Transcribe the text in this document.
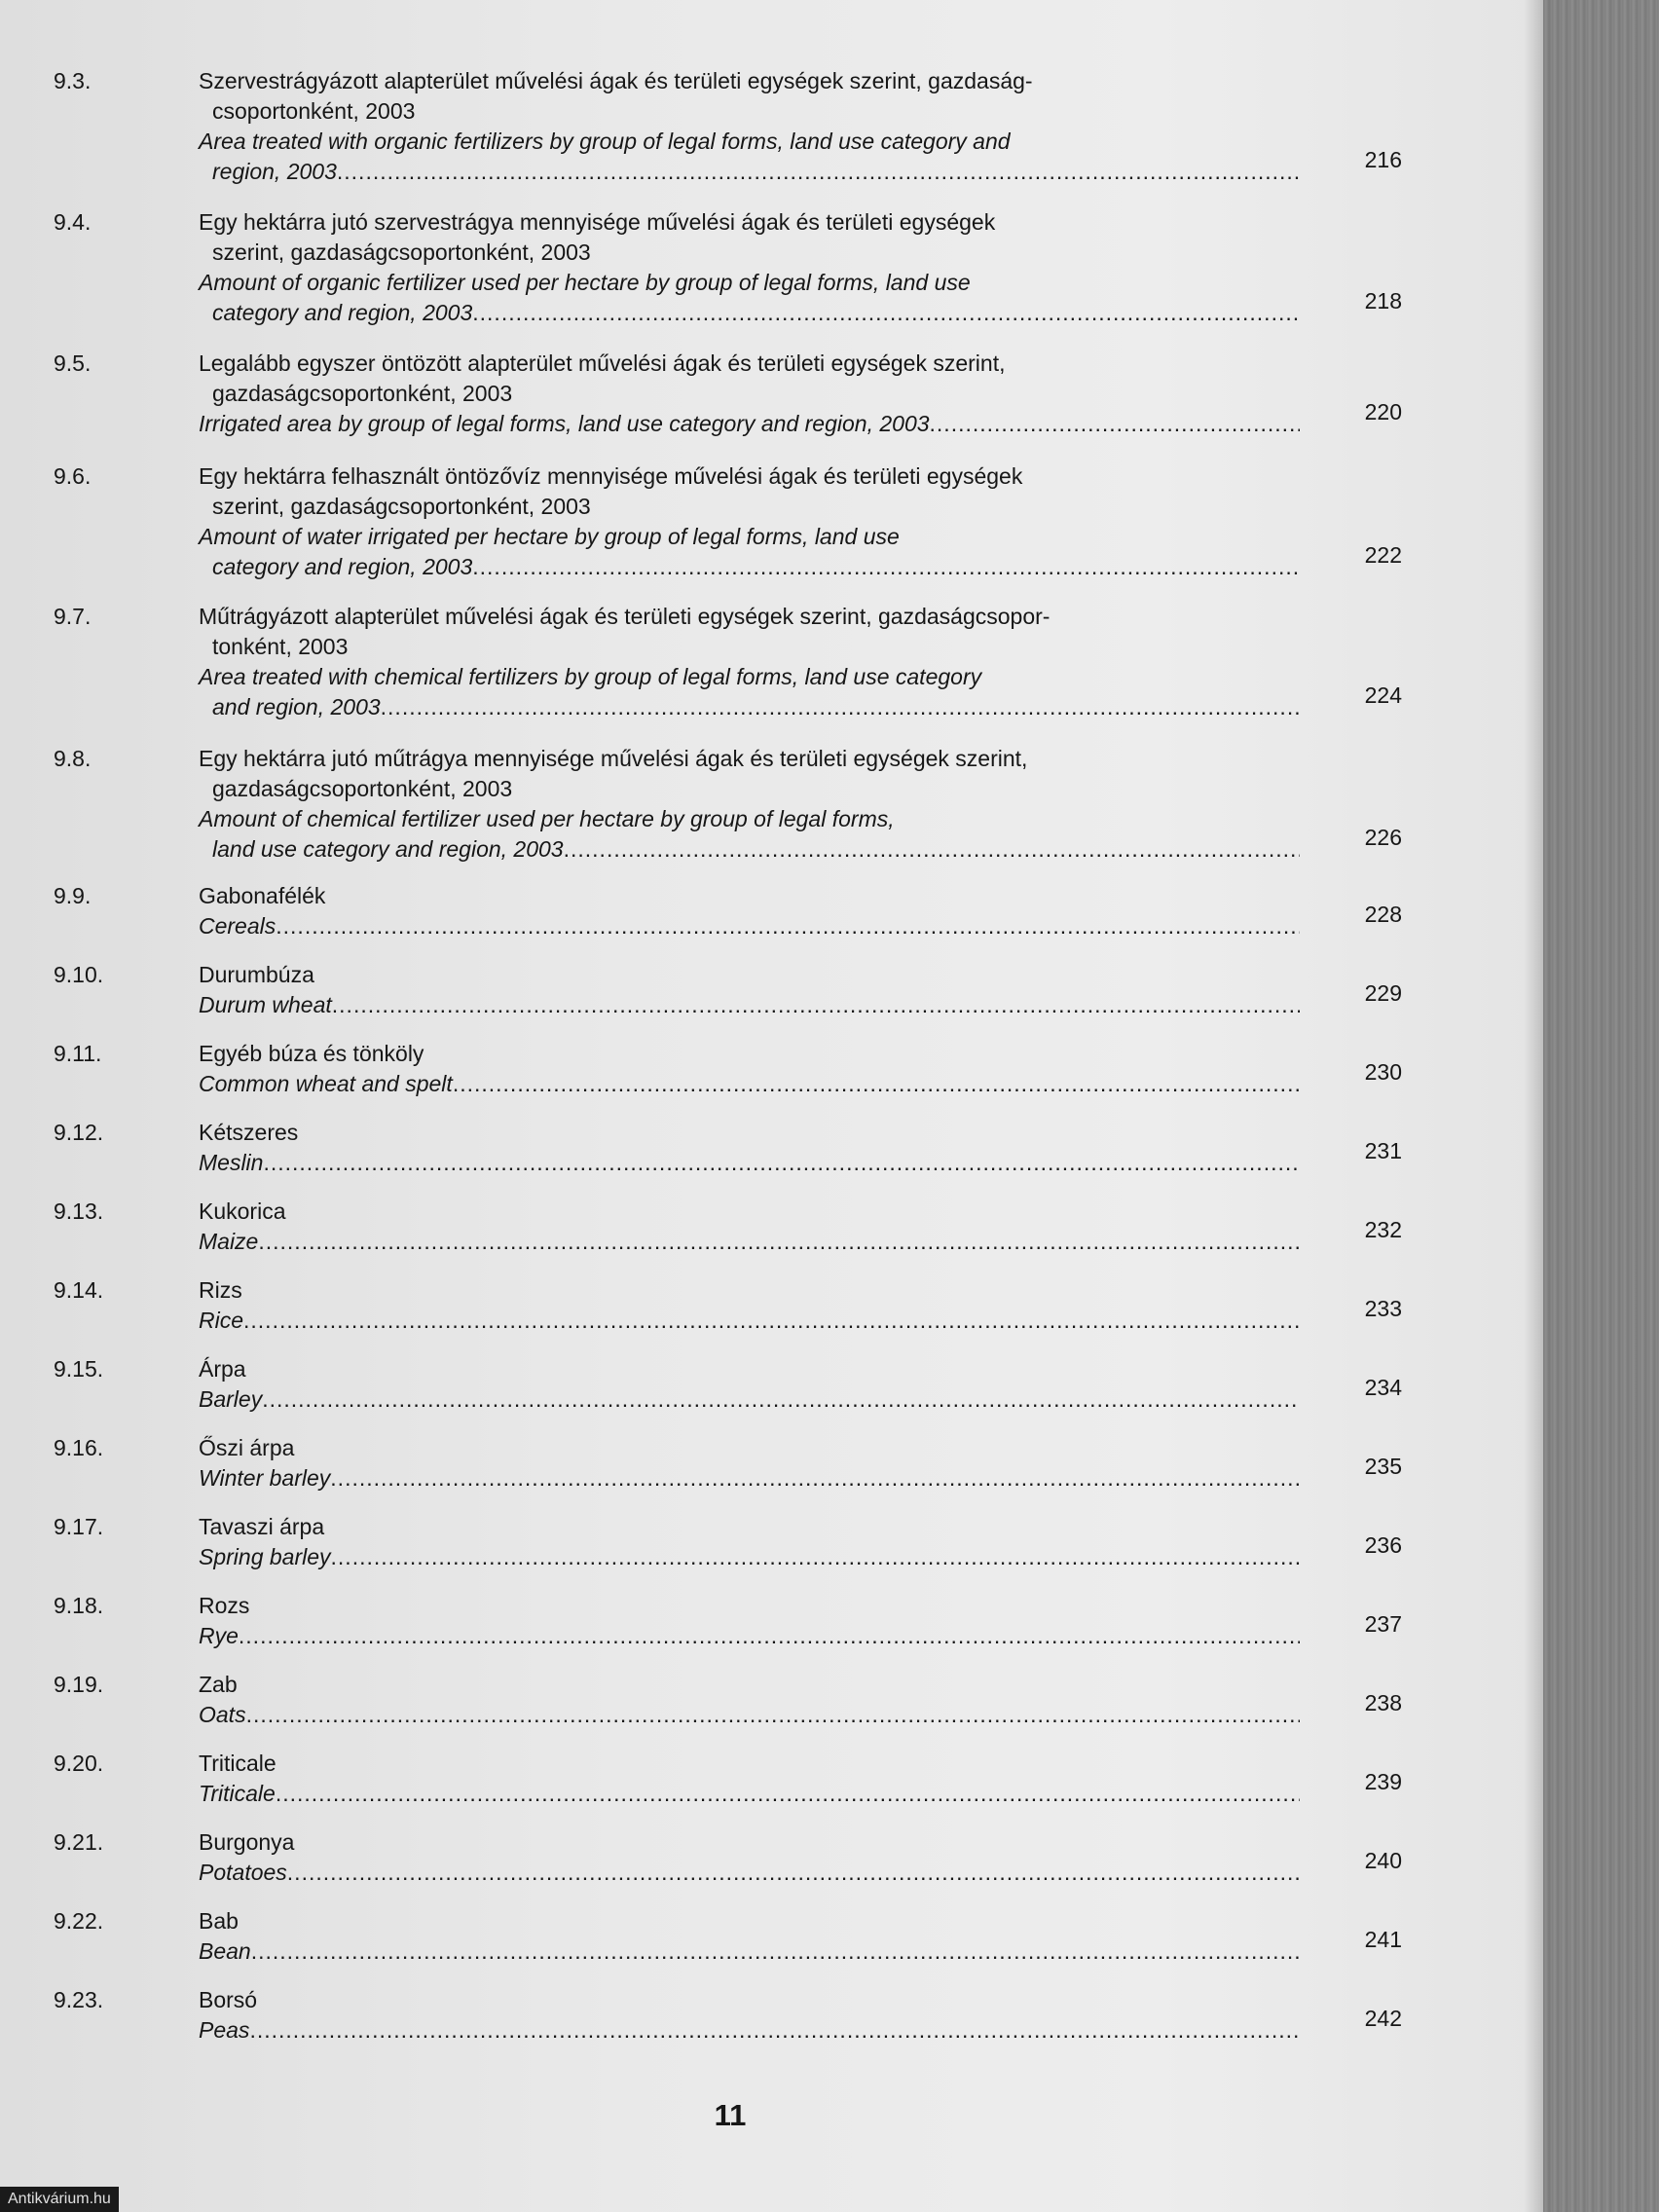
9.3.	Szervestrágyázott alapterület művelési ágak és területi egységek szerint, gazdaság-
csoportonként, 2003
Area treated with organic fertilizers by group of legal forms, land use category and
region, 2003 .....	216
9.4.	Egy hektárra jutó szervestrágya mennyisége művelési ágak és területi egységek
szerint, gazdaságcsoportonként, 2003
Amount of organic fertilizer used per hectare by group of legal forms, land use
category and region, 2003 .....	218
9.5.	Legalább egyszer öntözött alapterület művelési ágak és területi egységek szerint,
gazdaságcsoportonként, 2003
Irrigated area by group of legal forms, land use category and region, 2003 .....	220
9.6.	Egy hektárra felhasznált öntözővíz mennyisége művelési ágak és területi egységek
szerint, gazdaságcsoportonként, 2003
Amount of water irrigated per hectare by group of legal forms, land use
category and region, 2003 .....	222
9.7.	Műtrágyázott alapterület művelési ágak és területi egységek szerint, gazdaságcsopor-
tonként, 2003
Area treated with chemical fertilizers by group of legal forms, land use category
and region, 2003 .....	224
9.8.	Egy hektárra jutó műtrágya mennyisége művelési ágak és területi egységek szerint,
gazdaságcsoportonként, 2003
Amount of chemical fertilizer used per hectare by group of legal forms,
land use category and region, 2003 .....	226
9.9.	Gabonafélék
Cereals .....	228
9.10.	Durumbúza
Durum wheat .....	229
9.11.	Egyéb búza és tönköly
Common wheat and spelt .....	230
9.12.	Kétszeres
Meslin .....	231
9.13.	Kukorica
Maize .....	232
9.14.	Rizs
Rice .....	233
9.15.	Árpa
Barley .....	234
9.16.	Őszi árpa
Winter barley .....	235
9.17.	Tavaszi árpa
Spring barley .....	236
9.18.	Rozs
Rye .....	237
9.19.	Zab
Oats .....	238
9.20.	Triticale
Triticale .....	239
9.21.	Burgonya
Potatoes .....	240
9.22.	Bab
Bean .....	241
9.23.	Borsó
Peas .....	242
11
Antikvárium.hu
